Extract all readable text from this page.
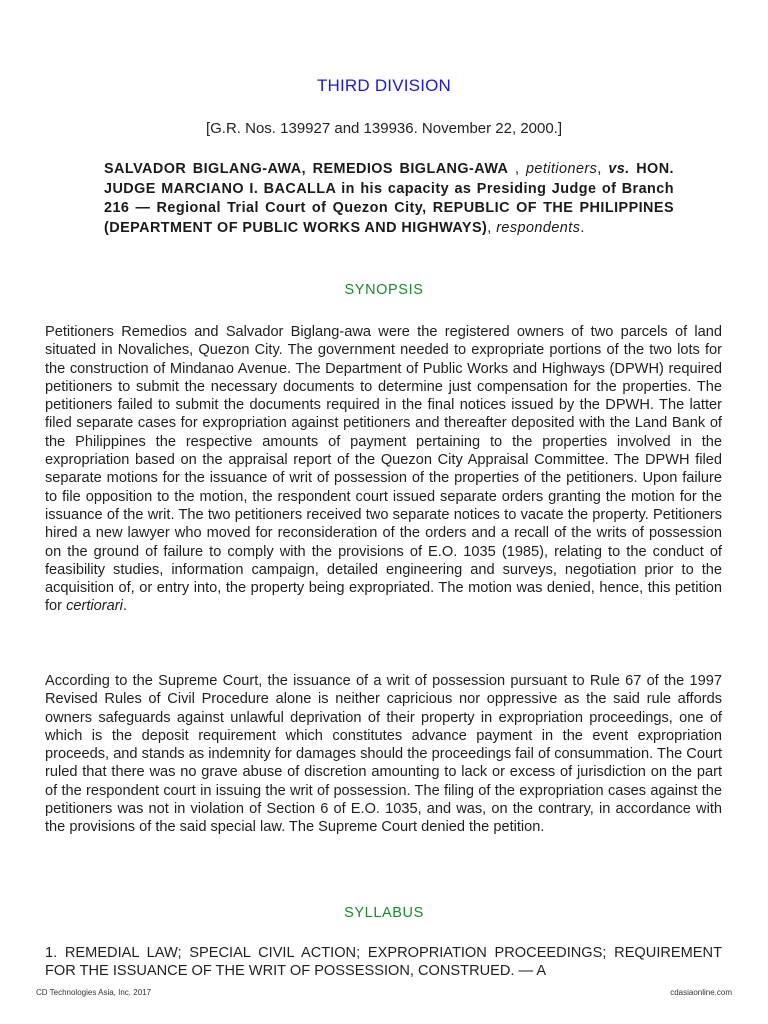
THIRD DIVISION
[G.R. Nos. 139927 and 139936. November 22, 2000.]
SALVADOR BIGLANG-AWA, REMEDIOS BIGLANG-AWA , petitioners, vs. HON. JUDGE MARCIANO I. BACALLA in his capacity as Presiding Judge of Branch 216 — Regional Trial Court of Quezon City, REPUBLIC OF THE PHILIPPINES (DEPARTMENT OF PUBLIC WORKS AND HIGHWAYS), respondents.
SYNOPSIS

Petitioners Remedios and Salvador Biglang-awa were the registered owners of two parcels of land situated in Novaliches, Quezon City. The government needed to expropriate portions of the two lots for the construction of Mindanao Avenue. The Department of Public Works and Highways (DPWH) required petitioners to submit the necessary documents to determine just compensation for the properties. The petitioners failed to submit the documents required in the final notices issued by the DPWH. The latter filed separate cases for expropriation against petitioners and thereafter deposited with the Land Bank of the Philippines the respective amounts of payment pertaining to the properties involved in the expropriation based on the appraisal report of the Quezon City Appraisal Committee. The DPWH filed separate motions for the issuance of writ of possession of the properties of the petitioners. Upon failure to file opposition to the motion, the respondent court issued separate orders granting the motion for the issuance of the writ. The two petitioners received two separate notices to vacate the property. Petitioners hired a new lawyer who moved for reconsideration of the orders and a recall of the writs of possession on the ground of failure to comply with the provisions of E.O. 1035 (1985), relating to the conduct of feasibility studies, information campaign, detailed engineering and surveys, negotiation prior to the acquisition of, or entry into, the property being expropriated. The motion was denied, hence, this petition for certiorari.

According to the Supreme Court, the issuance of a writ of possession pursuant to Rule 67 of the 1997 Revised Rules of Civil Procedure alone is neither capricious nor oppressive as the said rule affords owners safeguards against unlawful deprivation of their property in expropriation proceedings, one of which is the deposit requirement which constitutes advance payment in the event expropriation proceeds, and stands as indemnity for damages should the proceedings fail of consummation. The Court ruled that there was no grave abuse of discretion amounting to lack or excess of jurisdiction on the part of the respondent court in issuing the writ of possession. The filing of the expropriation cases against the petitioners was not in violation of Section 6 of E.O. 1035, and was, on the contrary, in accordance with the provisions of the said special law. The Supreme Court denied the petition.

SYLLABUS

1. REMEDIAL LAW; SPECIAL CIVIL ACTION; EXPROPRIATION PROCEEDINGS; REQUIREMENT FOR THE ISSUANCE OF THE WRIT OF POSSESSION, CONSTRUED. — A

CD Technologies Asia, Inc. 2017	cdasiaonline.com
